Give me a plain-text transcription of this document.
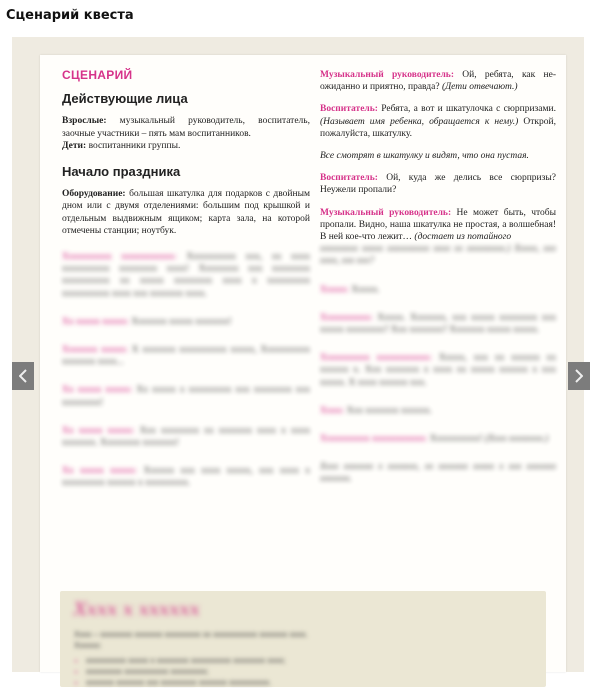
Сценарий квеста
СЦЕНАРИЙ
Действующие лица

Взрослые: музыкальный руководитель, воспитатель, заочные участники – пять мам воспитанников.

Дети: воспитанники группы.

Начало праздника

Оборудование: большая шкатулка для подарков с двойным дном или с двумя отделениями: большим под крышкой и отдельным выдвижным ящиком; карта зала, на которой отмечены станции; ноутбук.

Xxxxxxxxxx xxxxxxxxxxx: Xxxxxxxxxx xxx, xx xxxx xxxxxxxxxx xxxxxxxx xxxx! Xxxxxxxx xxx xxxxxxxx xxxxxxxxxx xx xxxxx xxxxxxxx xxxx x xxxxxxxxx xxxxxxxxxx xxxx xxx xxxxxxx xxxx.

Xx xxxxx xxxxx: Xxxxxxx xxxxx xxxxxxx!

Xxxxxxx xxxxx: X xxxxxxx xxxxxxxxxx xxxxx, Xxxxxxxxxx xxxxxxx xxxx...

Xx xxxxx xxxxx: Xx xxxxx x xxxxxxxxx xxx xxxxxxxx xxx xxxxxxxx!

Xx xxxxx xxxxx: Xxx xxxxxxxx xx xxxxxxx xxxx x xxxx xxxxxxx. Xxxxxxxx xxxxxxx!

Xx xxxxx xxxxx: Xxxxxx xxx xxxx xxxxx, xxx xxxx x xxxxxxxxx xxxxxx x xxxxxxxxx.

Музыкальный руководитель: Ой, ребята, как не-ожиданно и приятно, правда? (Дети отвечают.)

Воспитатель: Ребята, а вот и шкатулочка с сюрпризами. (Называет имя ребенка, обращается к нему.) Открой, пожалуйста, шкатулку.

Все смотрят в шкатулку и видят, что она пустая.

Воспитатель: Ой, куда же делись все сюрпризы? Неужели пропали?

Музыкальный руководитель: Не может быть, чтобы пропали. Видно, наша шкатулка не простая, а волшебная! В ней кое-что лежит… (достает из потайного

xxxxxxxxx xxxxx xxxxxxxxxx xxxx xx xxxxxxxxx.) Xxxxx, xxx xxxx, xxx xxx?

Xxxxx: Xxxxx.

Xxxxxxxxxx: Xxxxx. Xxxxxxx, xxx xxxxx xxxxxxxx xxx xxxxx xxxxxxxx? Xxx xxxxxxx? Xxxxxxx xxxxx xxxxx.

Xxxxxxxxxx xxxxxxxxxxx: Xxxxx, xxx xx xxxxxx xx xxxxxx x. Xxx xxxxxxx x xxxx xx xxxxx xxxxxx x xxx xxxxx. X xxxx xxxxxx xxx.

Xxxx: Xxx xxxxxxx xxxxxx.

Xxxxxxxxxx xxxxxxxxxxx: Xxxxxxxxxx! (Xxxx xxxxxxxx.)

Xxxx xxxxxxx x xxxxxxx, xx xxxxxxx xxxxx x xxx xxxxxxx xxxxxxx.

Xxxx x xxxxxx
Xxxx – xxxxxxxx xxxxxxx xxxxxxxxx xx xxxxxxxxxxx xxxxxxx xxxx.
Xxxxxx:
• xxxxxxxxxx xxxxx x xxxxxxxx xxxxxxxxxx xxxxxxxx xxxx;
• xxxxxxxxx xxxxxxxxxxx xxxxxxxxx;
• xxxxxxx xxxxxxx xxx xxxxxxxxx xxxxxxx xxxxxxxxxx.
